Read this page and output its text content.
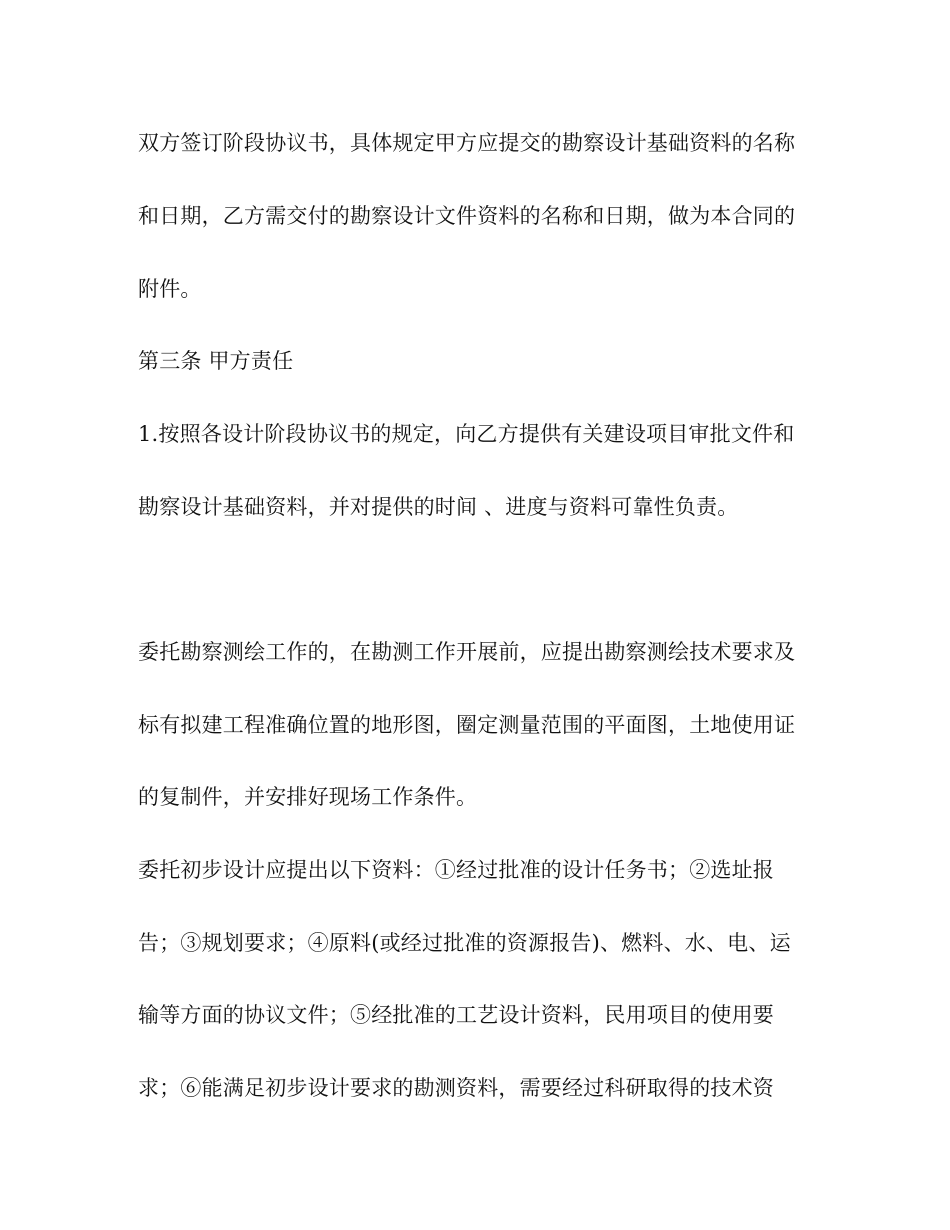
双方签订阶段协议书，具体规定甲方应提交的勘察设计基础资料的名称
和日期，乙方需交付的勘察设计文件资料的名称和日期，做为本合同的
附件。
第三条 甲方责任
1.按照各设计阶段协议书的规定，向乙方提供有关建设项目审批文件和
勘察设计基础资料，并对提供的时间 、进度与资料可靠性负责。
委托勘察测绘工作的，在勘测工作开展前，应提出勘察测绘技术要求及
标有拟建工程准确位置的地形图，圈定测量范围的平面图，土地使用证
的复制件，并安排好现场工作条件。
委托初步设计应提出以下资料：①经过批准的设计任务书；②选址报
告；③规划要求；④原料(或经过批准的资源报告)、燃料、水、电、运
输等方面的协议文件；⑤经批准的工艺设计资料，民用项目的使用要
求；⑥能满足初步设计要求的勘测资料，需要经过科研取得的技术资
